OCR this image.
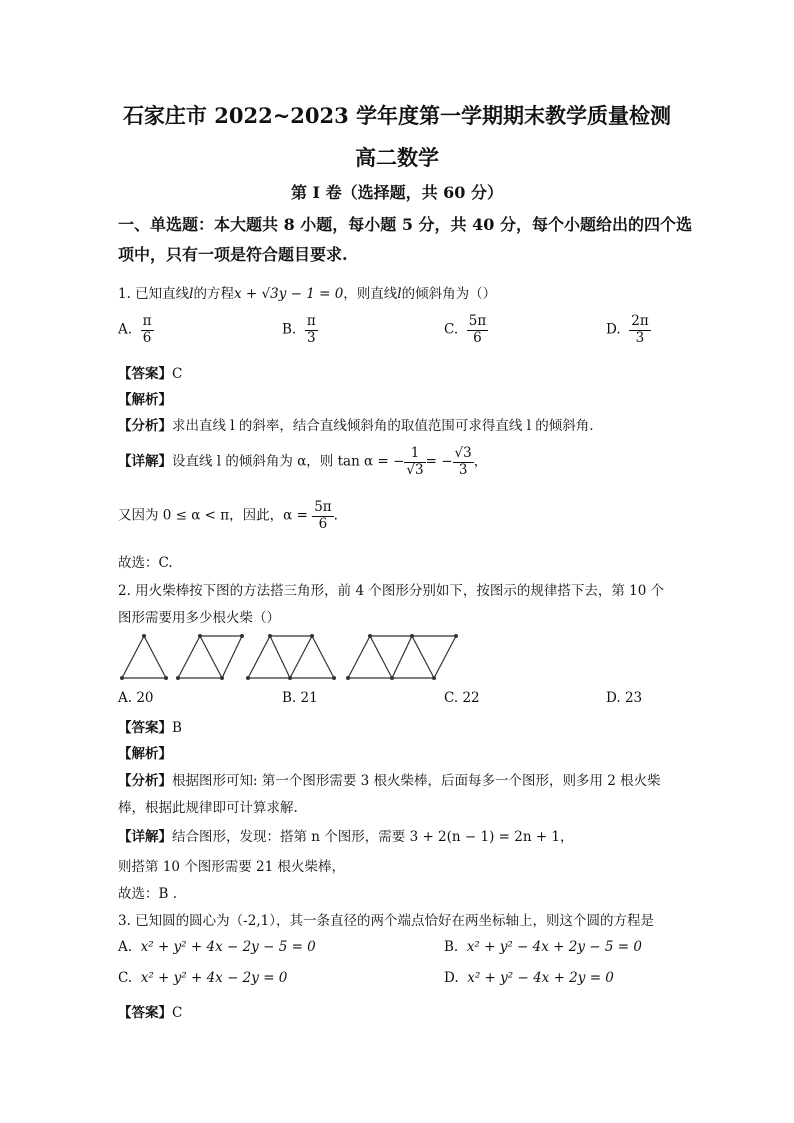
石家庄市 2022~2023 学年度第一学期期末教学质量检测
高二数学
第 I 卷（选择题，共 60 分）
一、单选题：本大题共 8 小题，每小题 5 分，共 40 分，每个小题给出的四个选
项中，只有一项是符合题目要求.
1. 已知直线l的方程x + √3y − 1 = 0，则直线l的倾斜角为（）
A. $\frac{\pi}{6}$	B. $\frac{\pi}{3}$	C. $\frac{5\pi}{6}$	D. $\frac{2\pi}{3}$
【答案】C
【解析】
【分析】求出直线 l 的斜率，结合直线倾斜角的取值范围可求得直线 l 的倾斜角.
【详解】设直线 l 的倾斜角为 α，则 tan α = − $\frac{1}{√3}$ = − $\frac{√3}{3}$ ，
又因为 0 ≤ α < π，因此，$\alpha = \frac{5\pi}{6}$ .
故选：C.
2. 用火柴棒按下图的方法搭三角形，前 4 个图形分别如下，按图示的规律搭下去，第 10 个
图形需要用多少根火柴（）
A. 20	B. 21	C. 22	D. 23
【答案】B
【解析】
【分析】根据图形可知: 第一个图形需要 3 根火柴棒，后面每多一个图形，则多用 2 根火柴
棒，根据此规律即可计算求解.
【详解】结合图形，发现：搭第 n 个图形，需要 3 + 2(n − 1) = 2n + 1，
则搭第 10 个图形需要 21 根火柴棒，
故选：B .
3. 已知圆的圆心为（-2,1），其一条直径的两个端点恰好在两坐标轴上，则这个圆的方程是
A. x² + y² + 4x − 2y − 5 = 0	B. x² + y² − 4x + 2y − 5 = 0
C. x² + y² + 4x − 2y = 0	D. x² + y² − 4x + 2y = 0
【答案】C
